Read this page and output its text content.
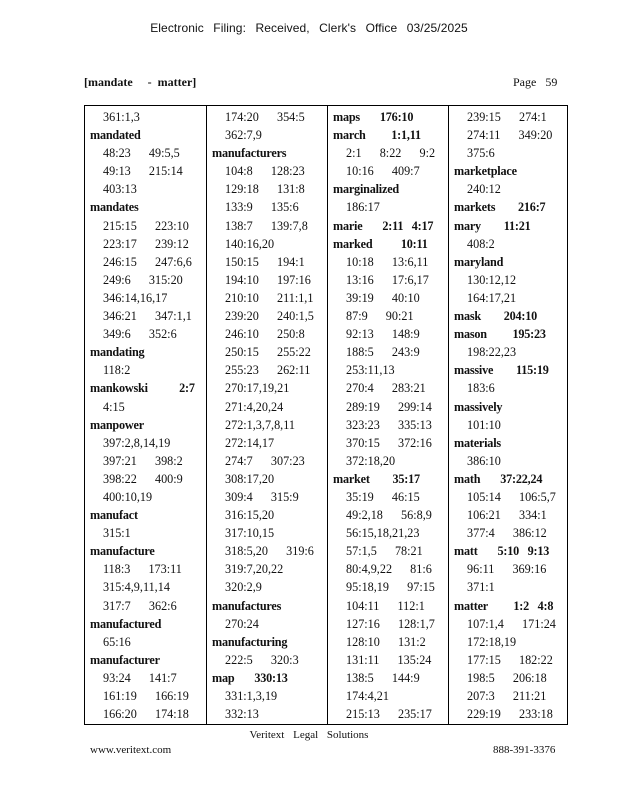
Electronic Filing: Received, Clerk's Office 03/25/2025
[mandate     -  matter]	Page   59
361:1,3
mandated
48:23   49:5,5
49:13   215:14
403:13
mandates
215:15   223:10
223:17   239:12
246:15   247:6,6
249:6   315:20
346:14,16,17
346:21   347:1,1
349:6   352:6
mandating
118:2
mankowski           2:7
4:15
manpower
397:2,8,14,19
397:21   398:2
398:22   400:9
400:10,19
manufact
315:1
manufacture
118:3   173:11
315:4,9,11,14
317:7   362:6
manufactured
65:16
manufacturer
93:24   141:7
161:19   166:19
166:20   174:18
174:20   354:5
362:7,9
manufacturers
104:8   128:23
129:18   131:8
133:9   135:6
138:7   139:7,8
140:16,20
150:15   194:1
194:10   197:16
210:10   211:1,1
239:20   240:1,5
246:10   250:8
250:15   255:22
255:23   262:11
270:17,19,21
271:4,20,24
272:1,3,7,8,11
272:14,17
274:7   307:23
308:17,20
309:4   315:9
316:15,20
317:10,15
318:5,20   319:6
319:7,20,22
320:2,9
manufactures
270:24
manufacturing
222:5   320:3
map       330:13
331:1,3,19
332:13
maps       176:10
march         1:1,11
2:1   8:22   9:2
10:16   409:7
marginalized
186:17
marie       2:11   4:17
marked          10:11
10:18   13:6,11
13:16   17:6,17
39:19   40:10
87:9   90:21
92:13   148:9
188:5   243:9
253:11,13
270:4   283:21
289:19   299:14
323:23   335:13
370:15   372:16
372:18,20
market        35:17
35:19   46:15
49:2,18   56:8,9
56:15,18,21,23
57:1,5   78:21
80:4,9,22   81:6
95:18,19   97:15
104:11   112:1
127:16   128:1,7
128:10   131:2
131:11   135:24
138:5   144:9
174:4,21
215:13   235:17
239:15   274:1
274:11   349:20
375:6
marketplace
240:12
markets        216:7
mary        11:21
408:2
maryland
130:12,12
164:17,21
mask        204:10
mason         195:23
198:22,23
massive        115:19
183:6
massively
101:10
materials
386:10
math       37:22,24
105:14   106:5,7
106:21   334:1
377:4   386:12
matt       5:10   9:13
96:11   369:16
371:1
matter         1:2   4:8
107:1,4   171:24
172:18,19
177:15   182:22
198:5   206:18
207:3   211:21
229:19   233:18
Veritext Legal Solutions
www.veritext.com	888-391-3376
